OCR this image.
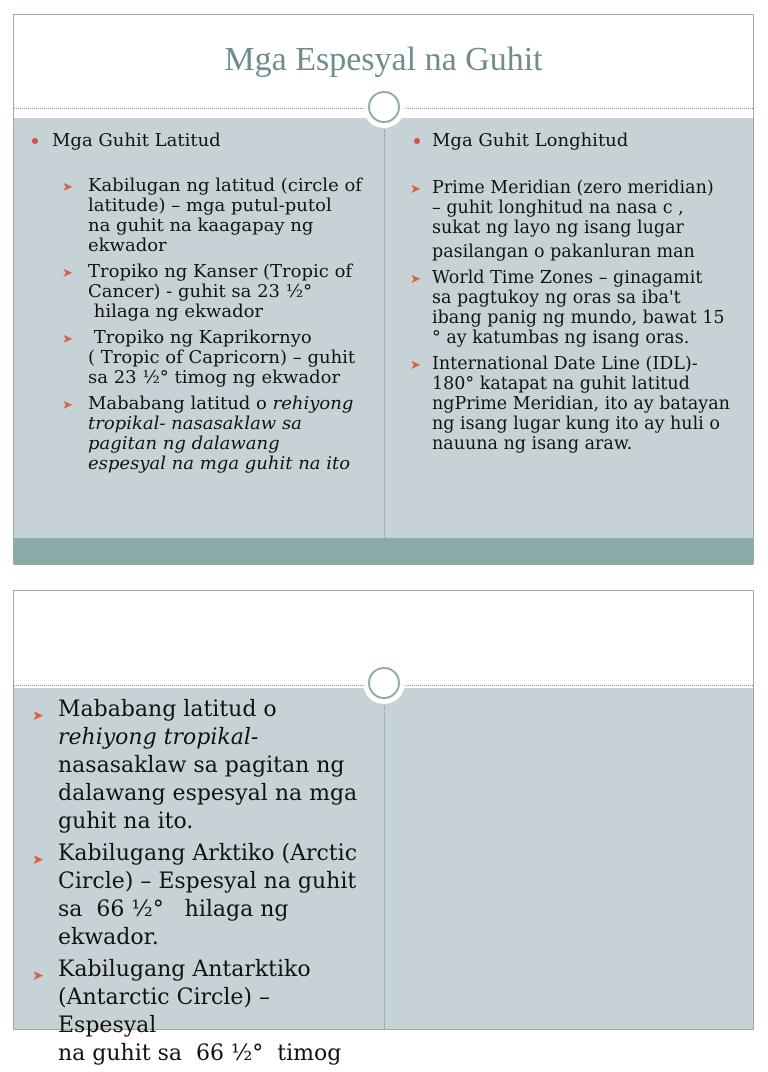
Mga Espesyal na Guhit
Mga Guhit Latitud
➤ Kabilugan ng latitud (circle of
latitude) – mga putul-putol
na guhit na kaagapay ng
ekwador
➤ Tropiko ng Kanser (Tropic of
Cancer) - guhit sa 23 ½°
hilaga ng ekwador
➤ Tropiko ng Kaprikornyo
( Tropic of Capricorn) – guhit
sa 23 ½° timog ng ekwador
➤ Mababang latitud o rehiyong
tropikal- nasasaklaw sa
pagitan ng dalawang
espesyal na mga guhit na ito
Mga Guhit Longhitud
➤ Prime Meridian (zero meridian)
– guhit longhitud na nasa c ,
sukat ng layo ng isang lugar
pasilangan o pakanluran man
➤ World Time Zones – ginagamit
sa pagtukoy ng oras sa iba't
ibang panig ng mundo, bawat 15
° ay katumbas ng isang oras.
➤ International Date Line (IDL)-
180° katapat na guhit latitud
ngPrime Meridian, ito ay batayan
ng isang lugar kung ito ay huli o
nauuna ng isang araw.
➤ Mababang latitud o
rehiyong tropikal-
nasasaklaw sa pagitan ng
dalawang espesyal na mga
guhit na ito.
➤ Kabilugang Arktiko (Arctic
Circle) – Espesyal na guhit
sa  66 ½°   hilaga ng
ekwador.
➤ Kabilugang Antarktiko
(Antarctic Circle) – Espesyal
na guhit sa  66 ½°  timog
